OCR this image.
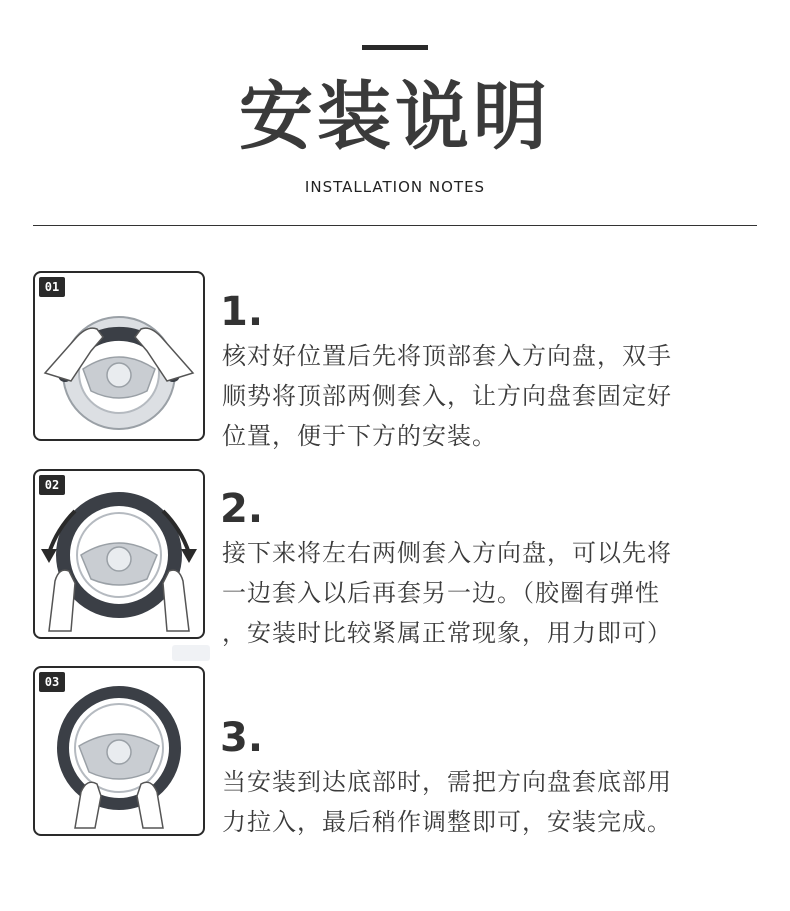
安装说明
INSTALLATION NOTES
01
1.
核对好位置后先将顶部套入方向盘，双手
顺势将顶部两侧套入，让方向盘套固定好
位置，便于下方的安装。
02
2.
接下来将左右两侧套入方向盘，可以先将
一边套入以后再套另一边。（胶圈有弹性
，安装时比较紧属正常现象，用力即可）
03
3.
当安装到达底部时，需把方向盘套底部用
力拉入，最后稍作调整即可，安装完成。
